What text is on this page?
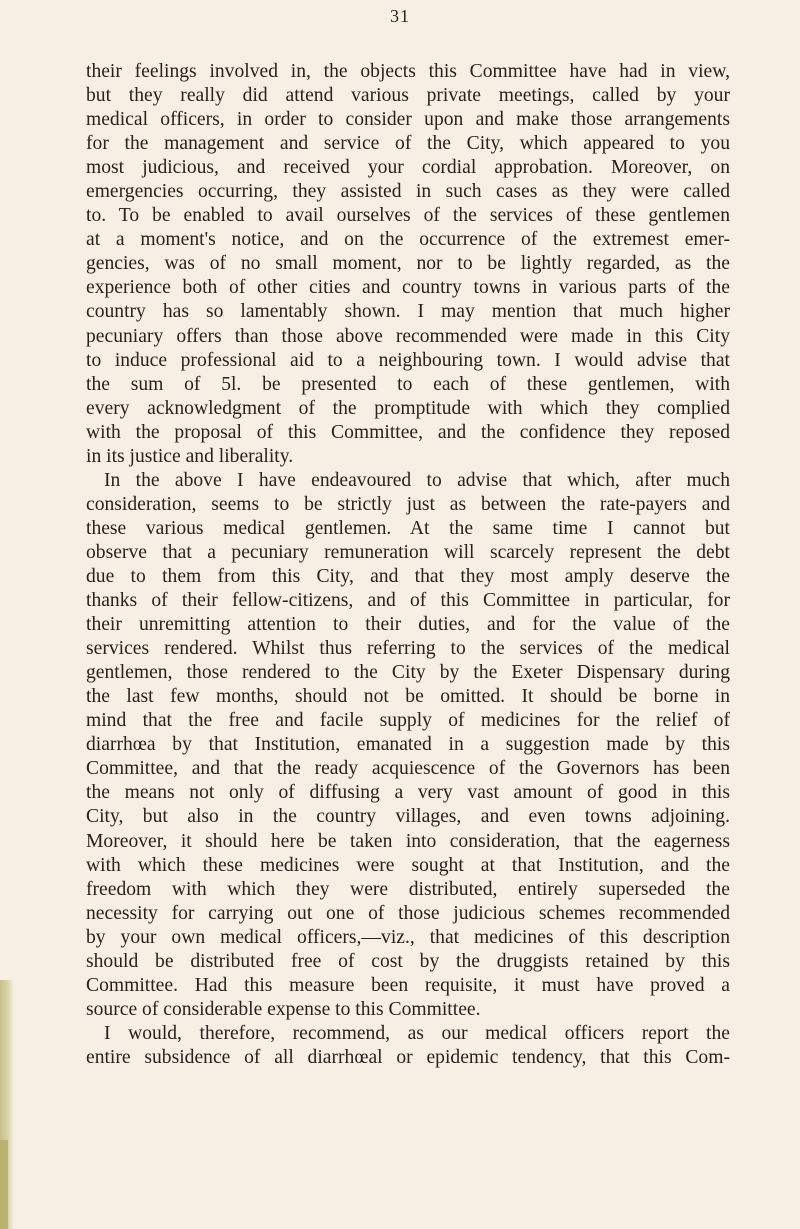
31
their feelings involved in, the objects this Committee have had in view,
but they really did attend various private meetings, called by your
medical officers, in order to consider upon and make those arrangements
for the management and service of the City, which appeared to you
most judicious, and received your cordial approbation. Moreover, on
emergencies occurring, they assisted in such cases as they were called
to. To be enabled to avail ourselves of the services of these gentlemen
at a moment's notice, and on the occurrence of the extremest emer-
gencies, was of no small moment, nor to be lightly regarded, as the
experience both of other cities and country towns in various parts of the
country has so lamentably shown. I may mention that much higher
pecuniary offers than those above recommended were made in this City
to induce professional aid to a neighbouring town. I would advise that
the sum of 5l. be presented to each of these gentlemen, with
every acknowledgment of the promptitude with which they complied
with the proposal of this Committee, and the confidence they reposed
in its justice and liberality.
In the above I have endeavoured to advise that which, after much
consideration, seems to be strictly just as between the rate-payers and
these various medical gentlemen. At the same time I cannot but
observe that a pecuniary remuneration will scarcely represent the debt
due to them from this City, and that they most amply deserve the
thanks of their fellow-citizens, and of this Committee in particular, for
their unremitting attention to their duties, and for the value of the
services rendered. Whilst thus referring to the services of the medical
gentlemen, those rendered to the City by the Exeter Dispensary during
the last few months, should not be omitted. It should be borne in
mind that the free and facile supply of medicines for the relief of
diarrhœa by that Institution, emanated in a suggestion made by this
Committee, and that the ready acquiescence of the Governors has been
the means not only of diffusing a very vast amount of good in this
City, but also in the country villages, and even towns adjoining.
Moreover, it should here be taken into consideration, that the eagerness
with which these medicines were sought at that Institution, and the
freedom with which they were distributed, entirely superseded the
necessity for carrying out one of those judicious schemes recommended
by your own medical officers,—viz., that medicines of this description
should be distributed free of cost by the druggists retained by this
Committee. Had this measure been requisite, it must have proved a
source of considerable expense to this Committee.
I would, therefore, recommend, as our medical officers report the
entire subsidence of all diarrhœal or epidemic tendency, that this Com-
